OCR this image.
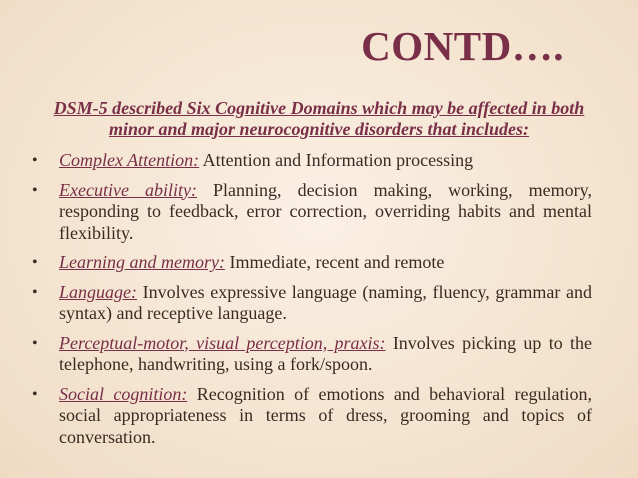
CONTD….

DSM-5 described Six Cognitive Domains which may be affected in both minor and major neurocognitive disorders that includes:

• Complex Attention: Attention and Information processing
• Executive ability: Planning, decision making, working, memory, responding to feedback, error correction, overriding habits and mental flexibility.
• Learning and memory: Immediate, recent and remote
• Language: Involves expressive language (naming, fluency, grammar and syntax) and receptive language.
• Perceptual-motor, visual perception, praxis: Involves picking up to the telephone, handwriting, using a fork/spoon.
• Social cognition: Recognition of emotions and behavioral regulation, social appropriateness in terms of dress, grooming and topics of conversation.
